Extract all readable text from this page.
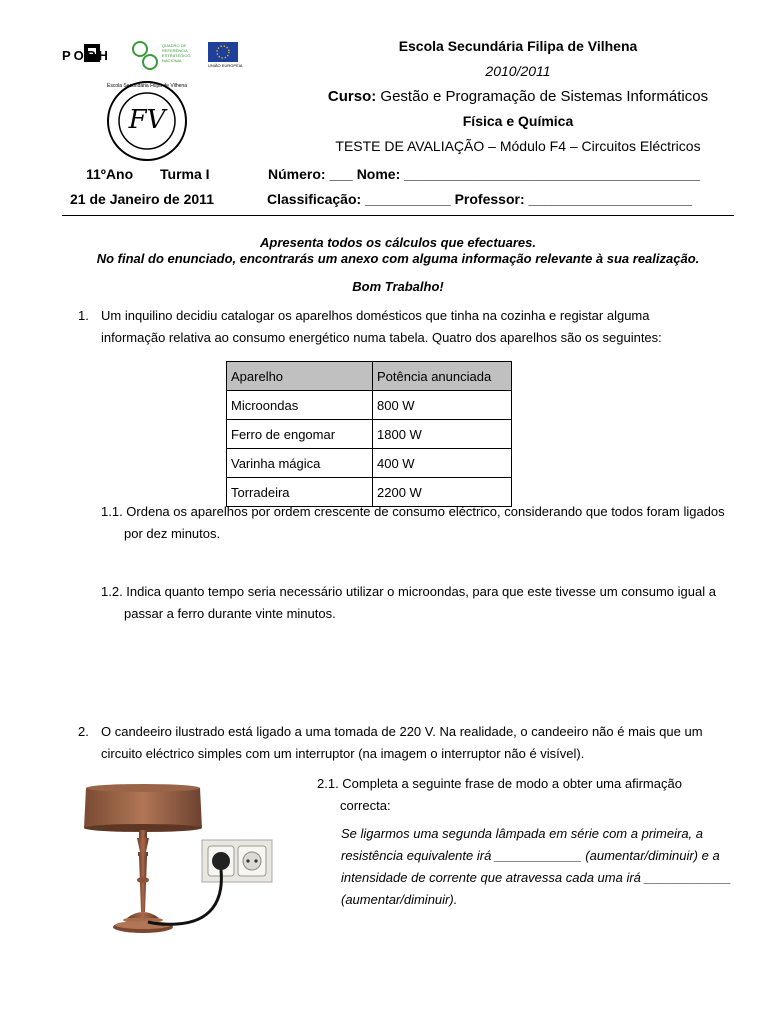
POPH
QUADRO DE REFERÊNCIA ESTRATÉGICO NACIONAL
UNIÃO EUROPEIA
FV
Escola Secundária Filipa de Vilhena
Escola Secundária Filipa de Vilhena
2010/2011
Curso: Gestão e Programação de Sistemas Informáticos
Física e Química
TESTE DE AVALIAÇÃO – Módulo F4 – Circuitos Eléctricos
11ºAno Turma I	Número: ___ Nome: ______________________________________
21 de Janeiro de 2011	Classificação: ___________ Professor: _____________________
Apresenta todos os cálculos que efectuares.
No final do enunciado, encontrarás um anexo com alguma informação relevante à sua realização.
Bom Trabalho!
1. Um inquilino decidiu catalogar os aparelhos domésticos que tinha na cozinha e registar alguma informação relativa ao consumo energético numa tabela. Quatro dos aparelhos são os seguintes:
Aparelho	Potência anunciada
Microondas	800 W
Ferro de engomar	1800 W
Varinha mágica	400 W
Torradeira	2200 W
1.1. Ordena os aparelhos por ordem crescente de consumo eléctrico, considerando que todos foram ligados por dez minutos.
1.2. Indica quanto tempo seria necessário utilizar o microondas, para que este tivesse um consumo igual a passar a ferro durante vinte minutos.
2. O candeeiro ilustrado está ligado a uma tomada de 220 V. Na realidade, o candeeiro não é mais que um circuito eléctrico simples com um interruptor (na imagem o interruptor não é visível).
2.1. Completa a seguinte frase de modo a obter uma afirmação correcta:
Se ligarmos uma segunda lâmpada em série com a primeira, a resistência equivalente irá ____________ (aumentar/diminuir) e a intensidade de corrente que atravessa cada uma irá ____________ (aumentar/diminuir).
